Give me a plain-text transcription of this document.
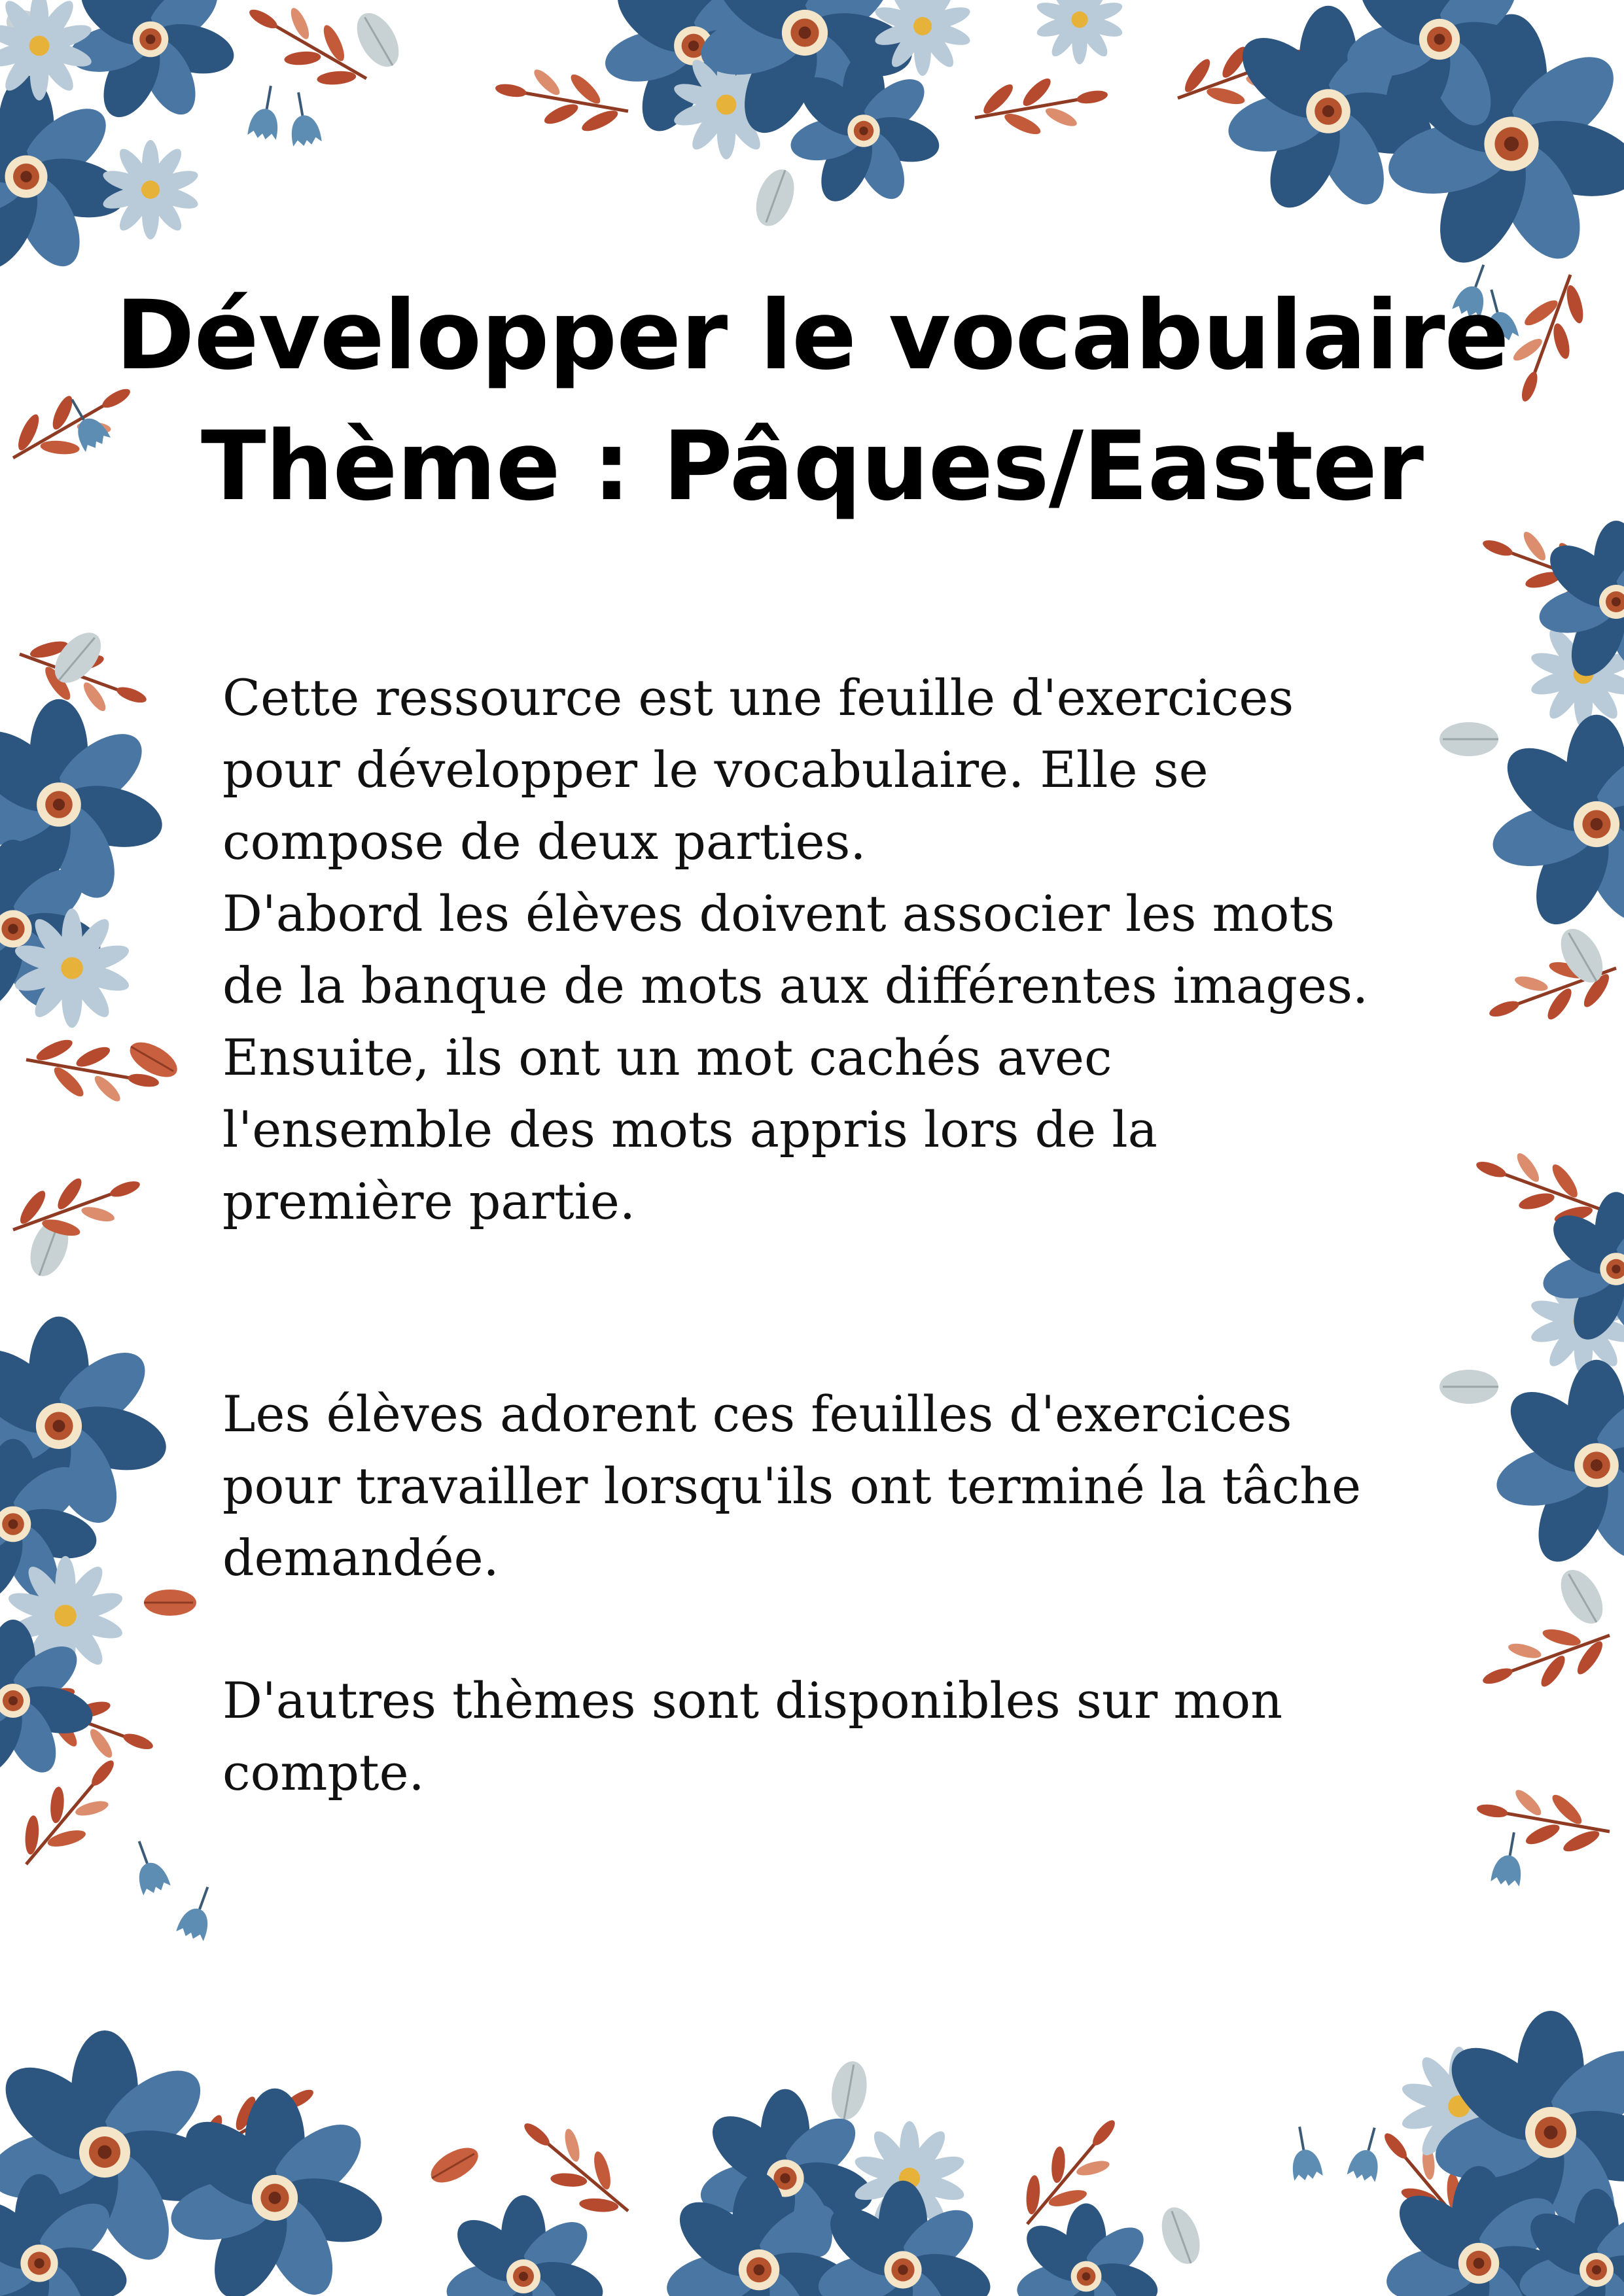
Développer le vocabulaire
Thème : Pâques/Easter
Cette ressource est une feuille d'exercices
pour développer le vocabulaire. Elle se
compose de deux parties.
D'abord les élèves doivent associer les mots
de la banque de mots aux différentes images.
Ensuite, ils ont un mot cachés avec
l'ensemble des mots appris lors de la
première partie.
Les élèves adorent ces feuilles d'exercices
pour travailler lorsqu'ils ont terminé la tâche
demandée.
D'autres thèmes sont disponibles sur mon
compte.
